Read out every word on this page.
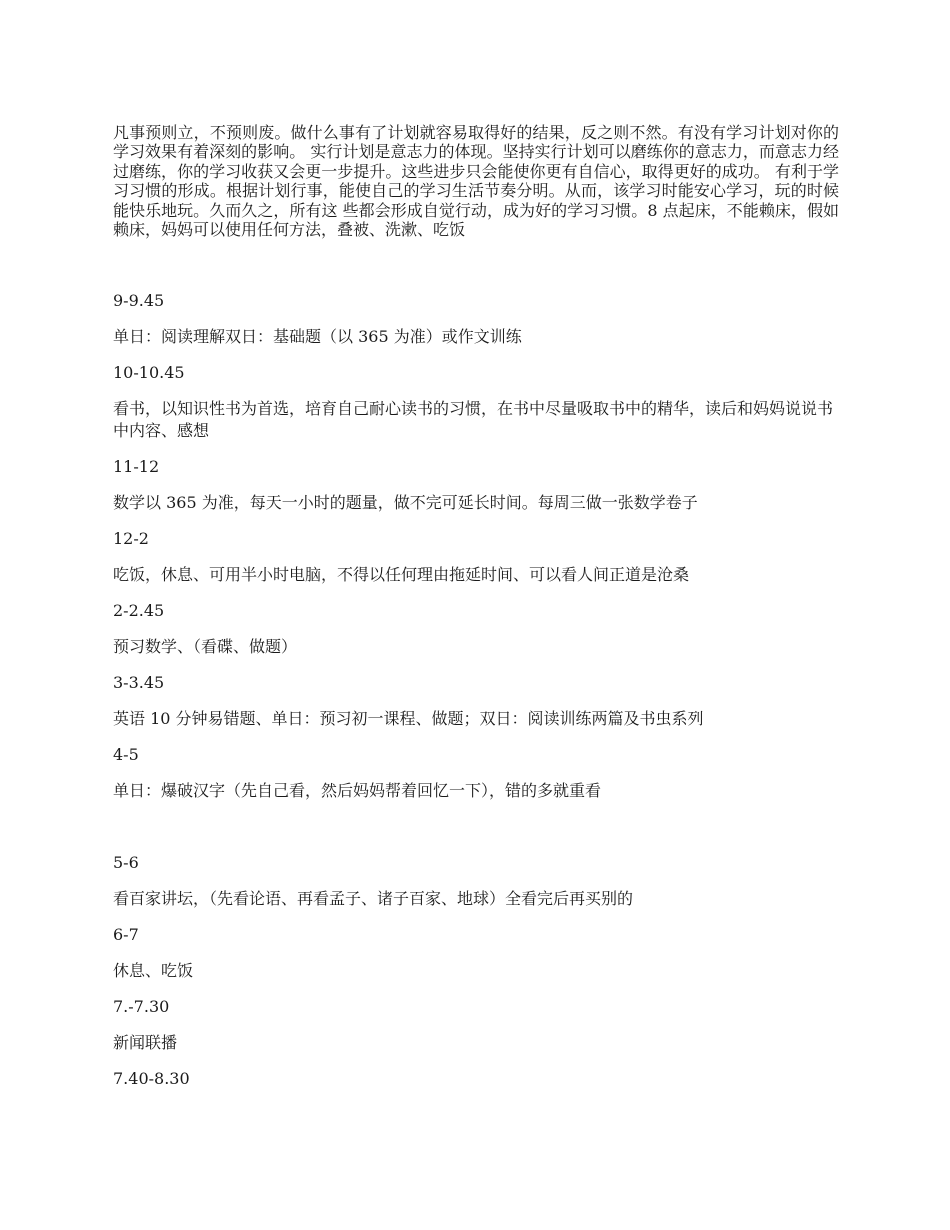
凡事预则立，不预则废。做什么事有了计划就容易取得好的结果，反之则不然。有没有学习计划对你的学习效果有着深刻的影响。 实行计划是意志力的体现。坚持实行计划可以磨练你的意志力，而意志力经过磨练，你的学习收获又会更一步提升。这些进步只会能使你更有自信心，取得更好的成功。 有利于学习习惯的形成。根据计划行事，能使自己的学习生活节奏分明。从而，该学习时能安心学习，玩的时候能快乐地玩。久而久之，所有这 些都会形成自觉行动，成为好的学习习惯。8 点起床，不能赖床，假如赖床，妈妈可以使用任何方法，叠被、洗漱、吃饭

9-9.45

单日：阅读理解双日：基础题（以 365 为准）或作文训练

10-10.45

看书，以知识性书为首选，培育自己耐心读书的习惯，在书中尽量吸取书中的精华，读后和妈妈说说书中内容、感想

11-12

数学以 365 为准，每天一小时的题量，做不完可延长时间。每周三做一张数学卷子

12-2

吃饭，休息、可用半小时电脑，不得以任何理由拖延时间、可以看人间正道是沧桑

2-2.45

预习数学、（看碟、做题）

3-3.45

英语 10 分钟易错题、单日：预习初一课程、做题；双日：阅读训练两篇及书虫系列

4-5

单日：爆破汉字（先自己看，然后妈妈帮着回忆一下），错的多就重看

5-6

看百家讲坛，（先看论语、再看孟子、诸子百家、地球）全看完后再买别的

6-7

休息、吃饭

7.-7.30

新闻联播

7.40-8.30
